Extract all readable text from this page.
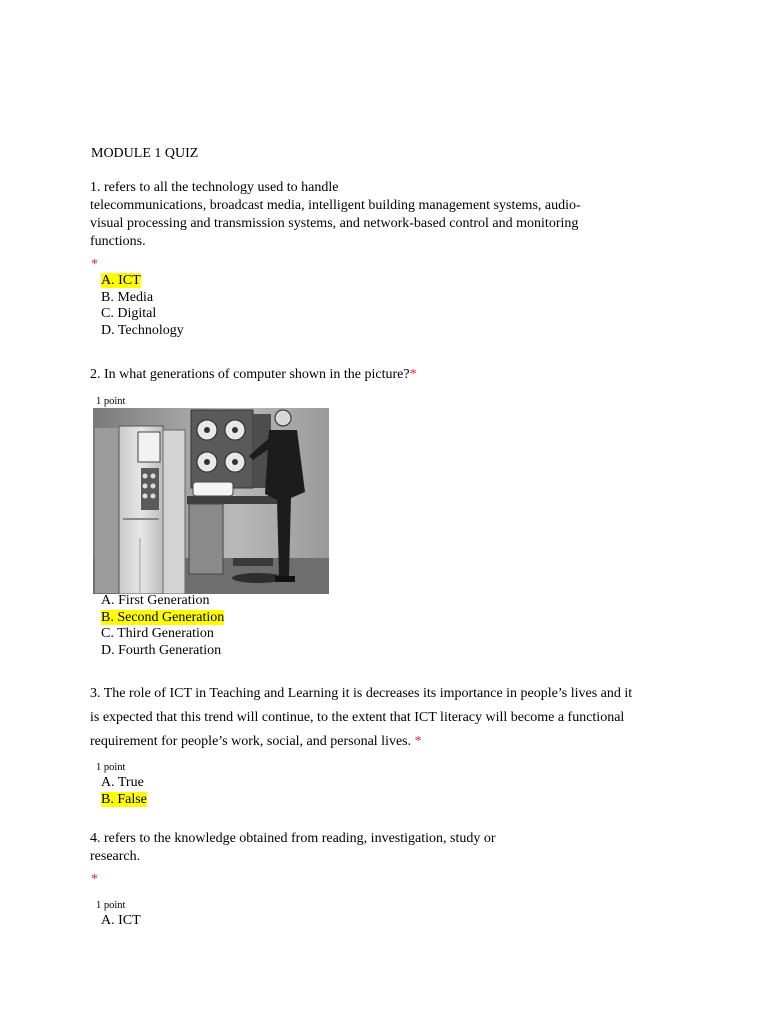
MODULE 1 QUIZ
1. refers to all the technology used to handle
telecommunications, broadcast media, intelligent building management systems, audio-
visual processing and transmission systems, and network-based control and monitoring
functions.
*
A. ICT
B. Media
C. Digital
D. Technology
2. In what generations of computer shown in the picture?*
1 point
A. First Generation
B. Second Generation
C. Third Generation
D. Fourth Generation
3. The role of ICT in Teaching and Learning it is decreases its importance in people’s lives and it
is expected that this trend will continue, to the extent that ICT literacy will become a functional
requirement for people’s work, social, and personal lives. *
1 point
A. True
B. False
4. refers to the knowledge obtained from reading, investigation, study or
research.
*
1 point
A. ICT
